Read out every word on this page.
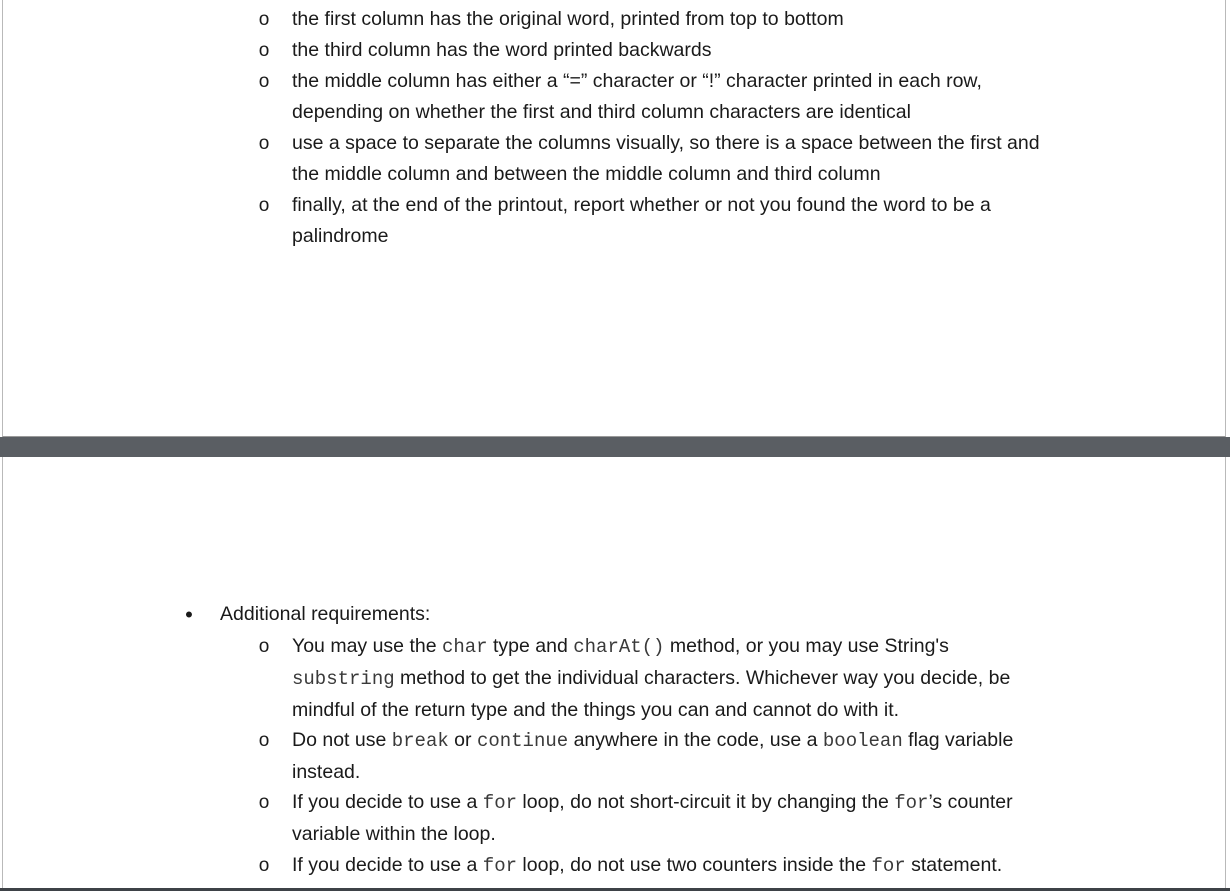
o the first column has the original word, printed from top to bottom
o the third column has the word printed backwards
o the middle column has either a “=” character or “!” character printed in each row,
depending on whether the first and third column characters are identical
o use a space to separate the columns visually, so there is a space between the first and
the middle column and between the middle column and third column
o finally, at the end of the printout, report whether or not you found the word to be a
palindrome
• Additional requirements:
o You may use the char type and charAt() method, or you may use String's
substring method to get the individual characters. Whichever way you decide, be
mindful of the return type and the things you can and cannot do with it.
o Do not use break or continue anywhere in the code, use a boolean flag variable
instead.
o If you decide to use a for loop, do not short-circuit it by changing the for’s counter
variable within the loop.
o If you decide to use a for loop, do not use two counters inside the for statement.
